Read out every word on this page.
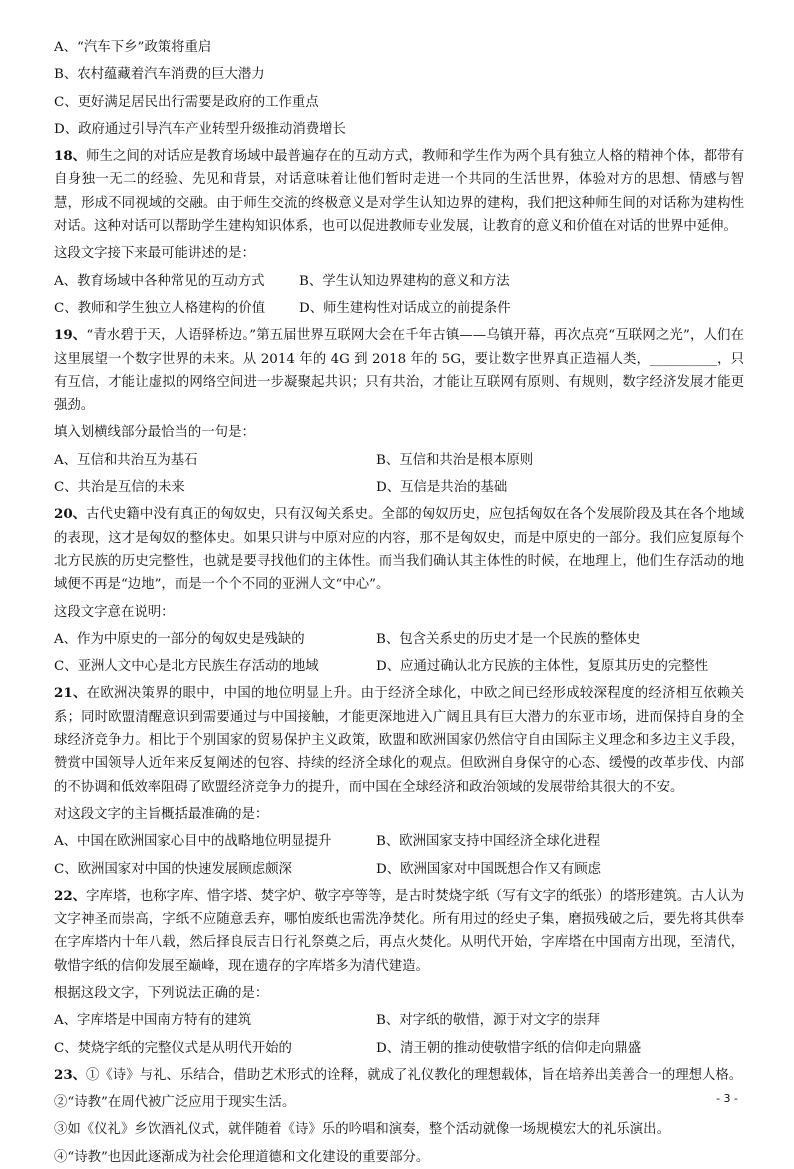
A、“汽车下乡”政策将重启
B、农村蕴藏着汽车消费的巨大潜力
C、更好满足居民出行需要是政府的工作重点
D、政府通过引导汽车产业转型升级推动消费增长
18、师生之间的对话应是教育场域中最普遍存在的互动方式，教师和学生作为两个具有独立人格的精神个体，都带有自身独一无二的经验、先见和背景，对话意味着让他们暂时走进一个共同的生活世界，体验对方的思想、情感与智慧，形成不同视域的交融。由于师生交流的终极意义是对学生认知边界的建构，我们把这种师生间的对话称为建构性对话。这种对话可以帮助学生建构知识体系，也可以促进教师专业发展，让教育的意义和价值在对话的世界中延伸。
这段文字接下来最可能讲述的是：
A、教育场域中各种常见的互动方式	B、学生认知边界建构的意义和方法
C、教师和学生独立人格建构的价值	D、师生建构性对话成立的前提条件
19、“青水碧于天，人语驿桥边。”第五届世界互联网大会在千年古镇——乌镇开幕，再次点亮“互联网之光”，人们在这里展望一个数字世界的未来。从 2014 年的 4G 到 2018 年的 5G，要让数字世界真正造福人类，__________，只有互信，才能让虚拟的网络空间进一步凝聚起共识；只有共治，才能让互联网有原则、有规则，数字经济发展才能更强劲。
填入划横线部分最恰当的一句是：
A、互信和共治互为基石	B、互信和共治是根本原则
C、共治是互信的未来	D、互信是共治的基础
20、古代史籍中没有真正的匈奴史，只有汉匈关系史。全部的匈奴历史，应包括匈奴在各个发展阶段及其在各个地域的表现，这才是匈奴的整体史。如果只讲与中原对应的内容，那不是匈奴史，而是中原史的一部分。我们应复原每个北方民族的历史完整性，也就是要寻找他们的主体性。而当我们确认其主体性的时候，在地理上，他们生存活动的地域便不再是“边地”，而是一个个不同的亚洲人文“中心”。
这段文字意在说明：
A、作为中原史的一部分的匈奴史是残缺的	B、包含关系史的历史才是一个民族的整体史
C、亚洲人文中心是北方民族生存活动的地域	D、应通过确认北方民族的主体性，复原其历史的完整性
21、在欧洲决策界的眼中，中国的地位明显上升。由于经济全球化，中欧之间已经形成较深程度的经济相互依赖关系；同时欧盟清醒意识到需要通过与中国接触，才能更深地进入广阔且具有巨大潜力的东亚市场，进而保持自身的全球经济竞争力。相比于个别国家的贸易保护主义政策，欧盟和欧洲国家仍然信守自由国际主义理念和多边主义手段，赞赏中国领导人近年来反复阐述的包容、持续的经济全球化的观点。但欧洲自身保守的心态、缓慢的改革步伐、内部的不协调和低效率阻碍了欧盟经济竞争力的提升，而中国在全球经济和政治领域的发展带给其很大的不安。
对这段文字的主旨概括最准确的是：
A、中国在欧洲国家心目中的战略地位明显提升	B、欧洲国家支持中国经济全球化进程
C、欧洲国家对中国的快速发展顾虑颇深	D、欧洲国家对中国既想合作又有顾虑
22、字库塔，也称字库、惜字塔、焚字炉、敬字亭等等，是古时焚烧字纸（写有文字的纸张）的塔形建筑。古人认为文字神圣而崇高，字纸不应随意丢弃，哪怕废纸也需洗净焚化。所有用过的经史子集，磨损残破之后，要先将其供奉在字库塔内十年八载，然后择良辰吉日行礼祭奠之后，再点火焚化。从明代开始，字库塔在中国南方出现，至清代，敬惜字纸的信仰发展至巅峰，现在遗存的字库塔多为清代建造。
根据这段文字，下列说法正确的是：
A、字库塔是中国南方特有的建筑	B、对字纸的敬惜，源于对文字的崇拜
C、焚烧字纸的完整仪式是从明代开始的	D、清王朝的推动使敬惜字纸的信仰走向鼎盛
23、①《诗》与礼、乐结合，借助艺术形式的诠释，就成了礼仪教化的理想载体，旨在培养出美善合一的理想人格。
②“诗教”在周代被广泛应用于现实生活。
③如《仪礼》乡饮酒礼仪式，就伴随着《诗》乐的吟唱和演奏，整个活动就像一场规模宏大的礼乐演出。
④“诗教”也因此逐渐成为社会伦理道德和文化建设的重要部分。
- 3 -
